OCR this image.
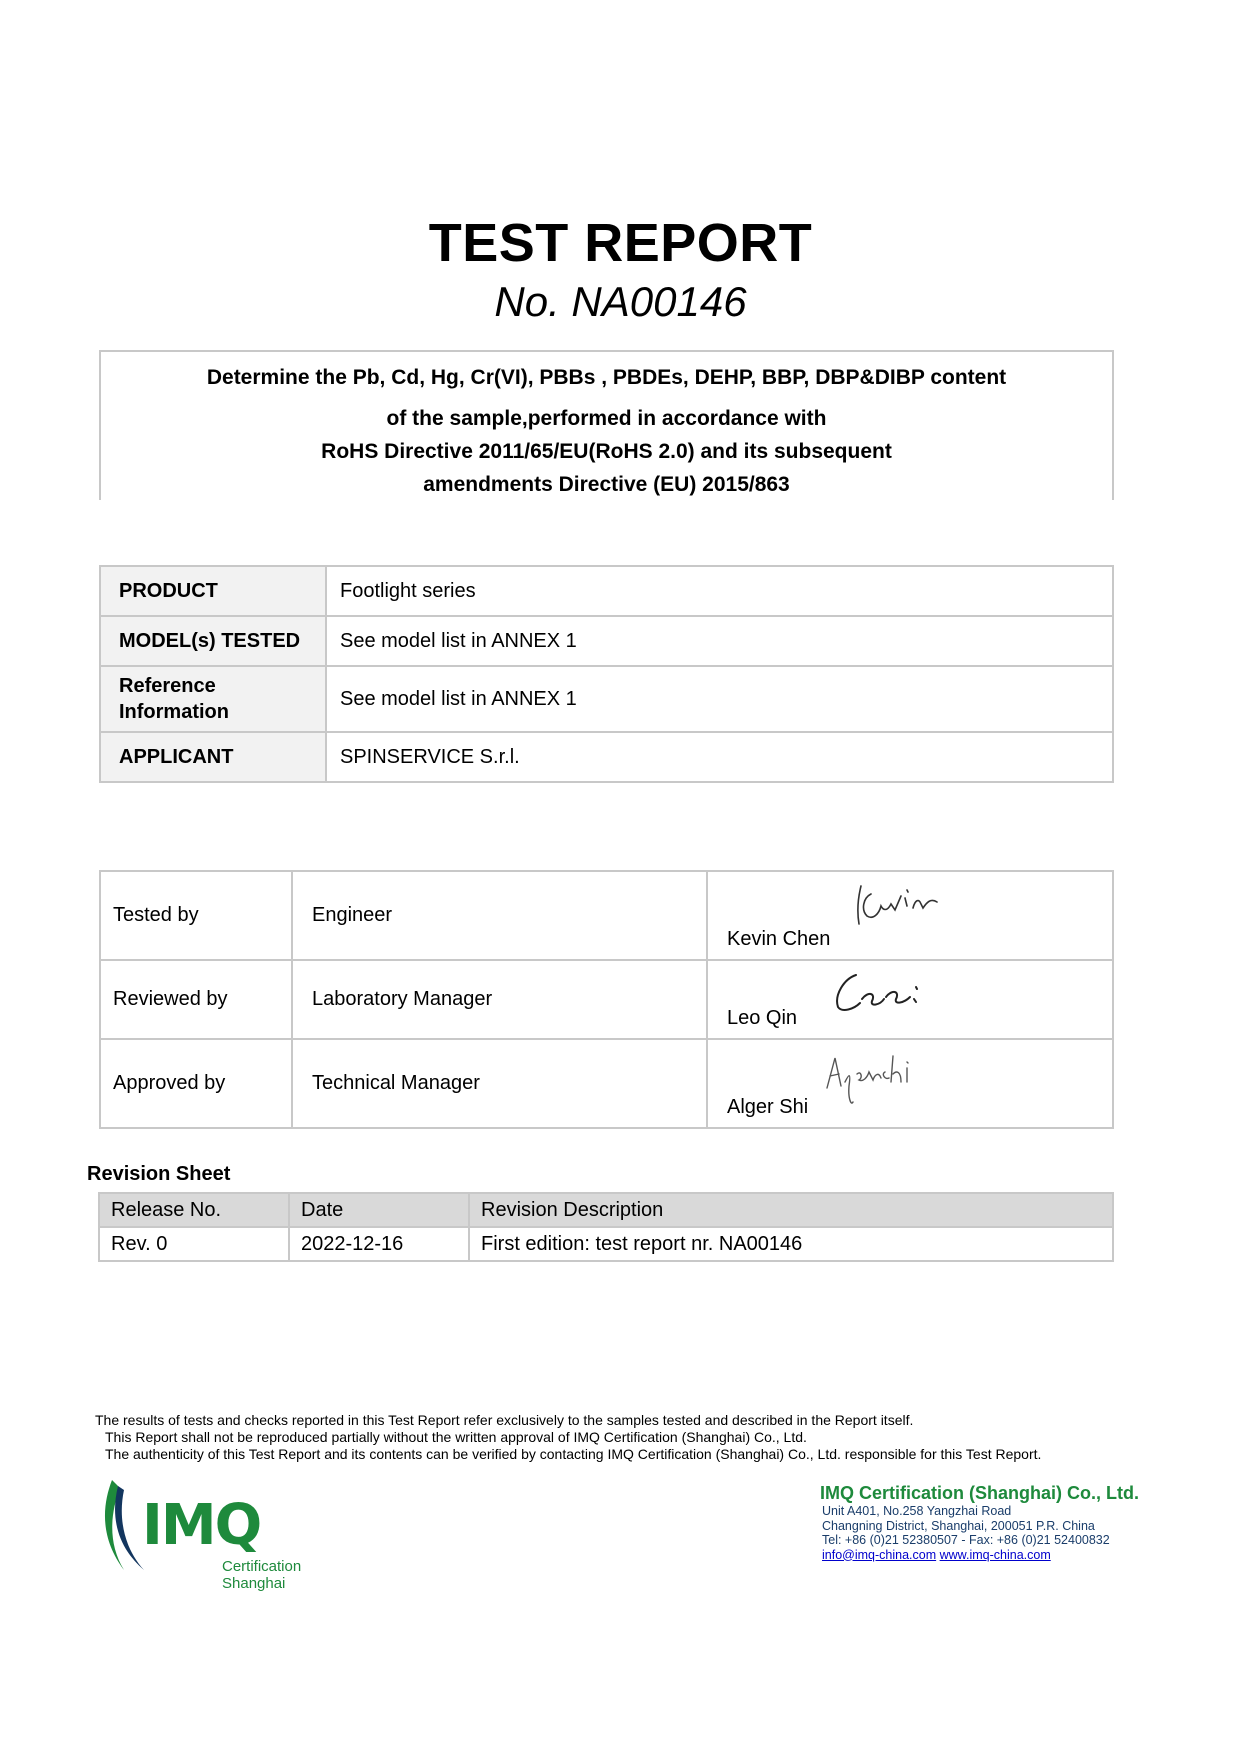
TEST REPORT
No. NA00146
Determine the Pb, Cd, Hg, Cr(VI), PBBs , PBDEs, DEHP, BBP, DBP&DIBP content
of the sample,performed in accordance with
RoHS Directive 2011/65/EU(RoHS 2.0) and its subsequent
amendments Directive (EU) 2015/863
PRODUCT	Footlight series
MODEL(s) TESTED	See model list in ANNEX 1
Reference Information	See model list in ANNEX 1
APPLICANT	SPINSERVICE S.r.l.
Tested by	Engineer	Kevin Chen

Reviewed by	Laboratory Manager	Leo Qin

Approved by	Technical Manager	Alger Shi
Revision Sheet
Release No.	Date	Revision Description
Rev. 0	2022-12-16	First edition: test report nr. NA00146
The results of tests and checks reported in this Test Report refer exclusively to the samples tested and described in the Report itself.
This Report shall not be reproduced partially without the written approval of IMQ Certification (Shanghai) Co., Ltd.
The authenticity of this Test Report and its contents can be verified by contacting IMQ Certification (Shanghai) Co., Ltd. responsible for this Test Report.
IMQ
Certification
Shanghai
IMQ Certification (Shanghai) Co., Ltd.
Unit A401, No.258 Yangzhai Road
Changning District, Shanghai, 200051 P.R. China
Tel: +86 (0)21 52380507 - Fax: +86 (0)21 52400832
info@imq-china.com www.imq-china.com
